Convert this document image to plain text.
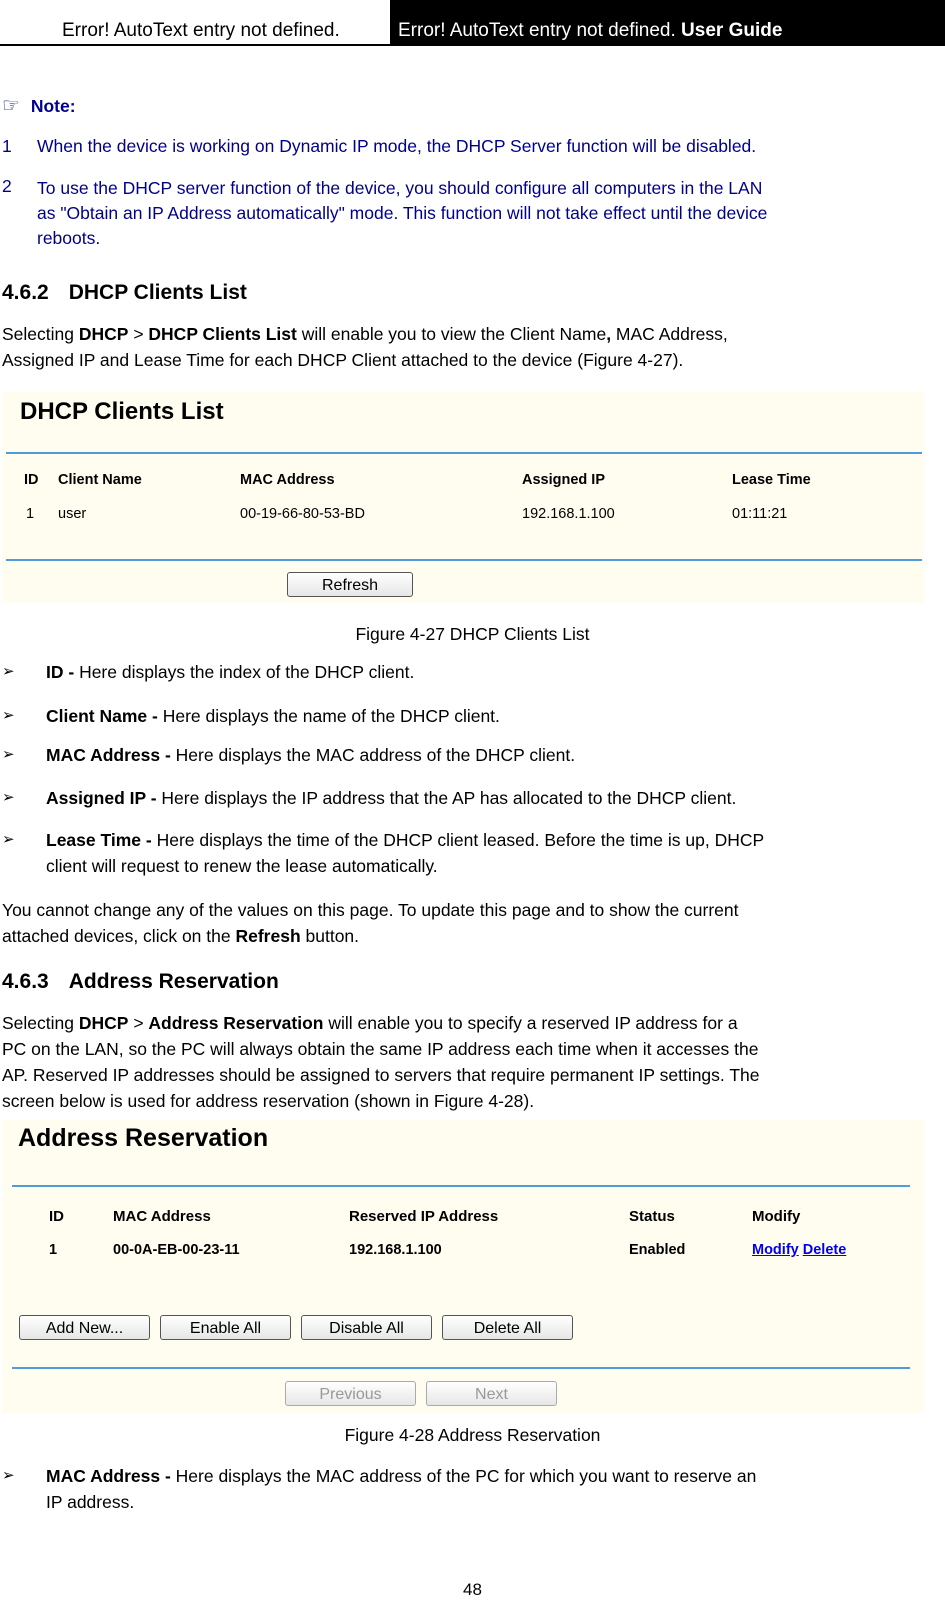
Error! AutoText entry not defined.	Error! AutoText entry not defined. User Guide
☞ Note:
1 When the device is working on Dynamic IP mode, the DHCP Server function will be disabled.
2 To use the DHCP server function of the device, you should configure all computers in the LAN
as "Obtain an IP Address automatically" mode. This function will not take effect until the device
reboots.
4.6.2 DHCP Clients List
Selecting DHCP > DHCP Clients List will enable you to view the Client Name, MAC Address,
Assigned IP and Lease Time for each DHCP Client attached to the device (Figure 4-27).
DHCP Clients List
ID Client Name	MAC Address	Assigned IP	Lease Time
1 user	00-19-66-80-53-BD	192.168.1.100	01:11:21
Refresh
Figure 4-27 DHCP Clients List
➢ ID - Here displays the index of the DHCP client.
➢ Client Name - Here displays the name of the DHCP client.
➢ MAC Address - Here displays the MAC address of the DHCP client.
➢ Assigned IP - Here displays the IP address that the AP has allocated to the DHCP client.
➢ Lease Time - Here displays the time of the DHCP client leased. Before the time is up, DHCP
client will request to renew the lease automatically.
You cannot change any of the values on this page. To update this page and to show the current
attached devices, click on the Refresh button.
4.6.3 Address Reservation
Selecting DHCP > Address Reservation will enable you to specify a reserved IP address for a
PC on the LAN, so the PC will always obtain the same IP address each time when it accesses the
AP. Reserved IP addresses should be assigned to servers that require permanent IP settings. The
screen below is used for address reservation (shown in Figure 4-28).
Address Reservation
ID	MAC Address	Reserved IP Address	Status	Modify
1	00-0A-EB-00-23-11	192.168.1.100	Enabled	Modify Delete
Add New...	Enable All	Disable All	Delete All
Previous	Next
Figure 4-28 Address Reservation
➢ MAC Address - Here displays the MAC address of the PC for which you want to reserve an
IP address.
48
